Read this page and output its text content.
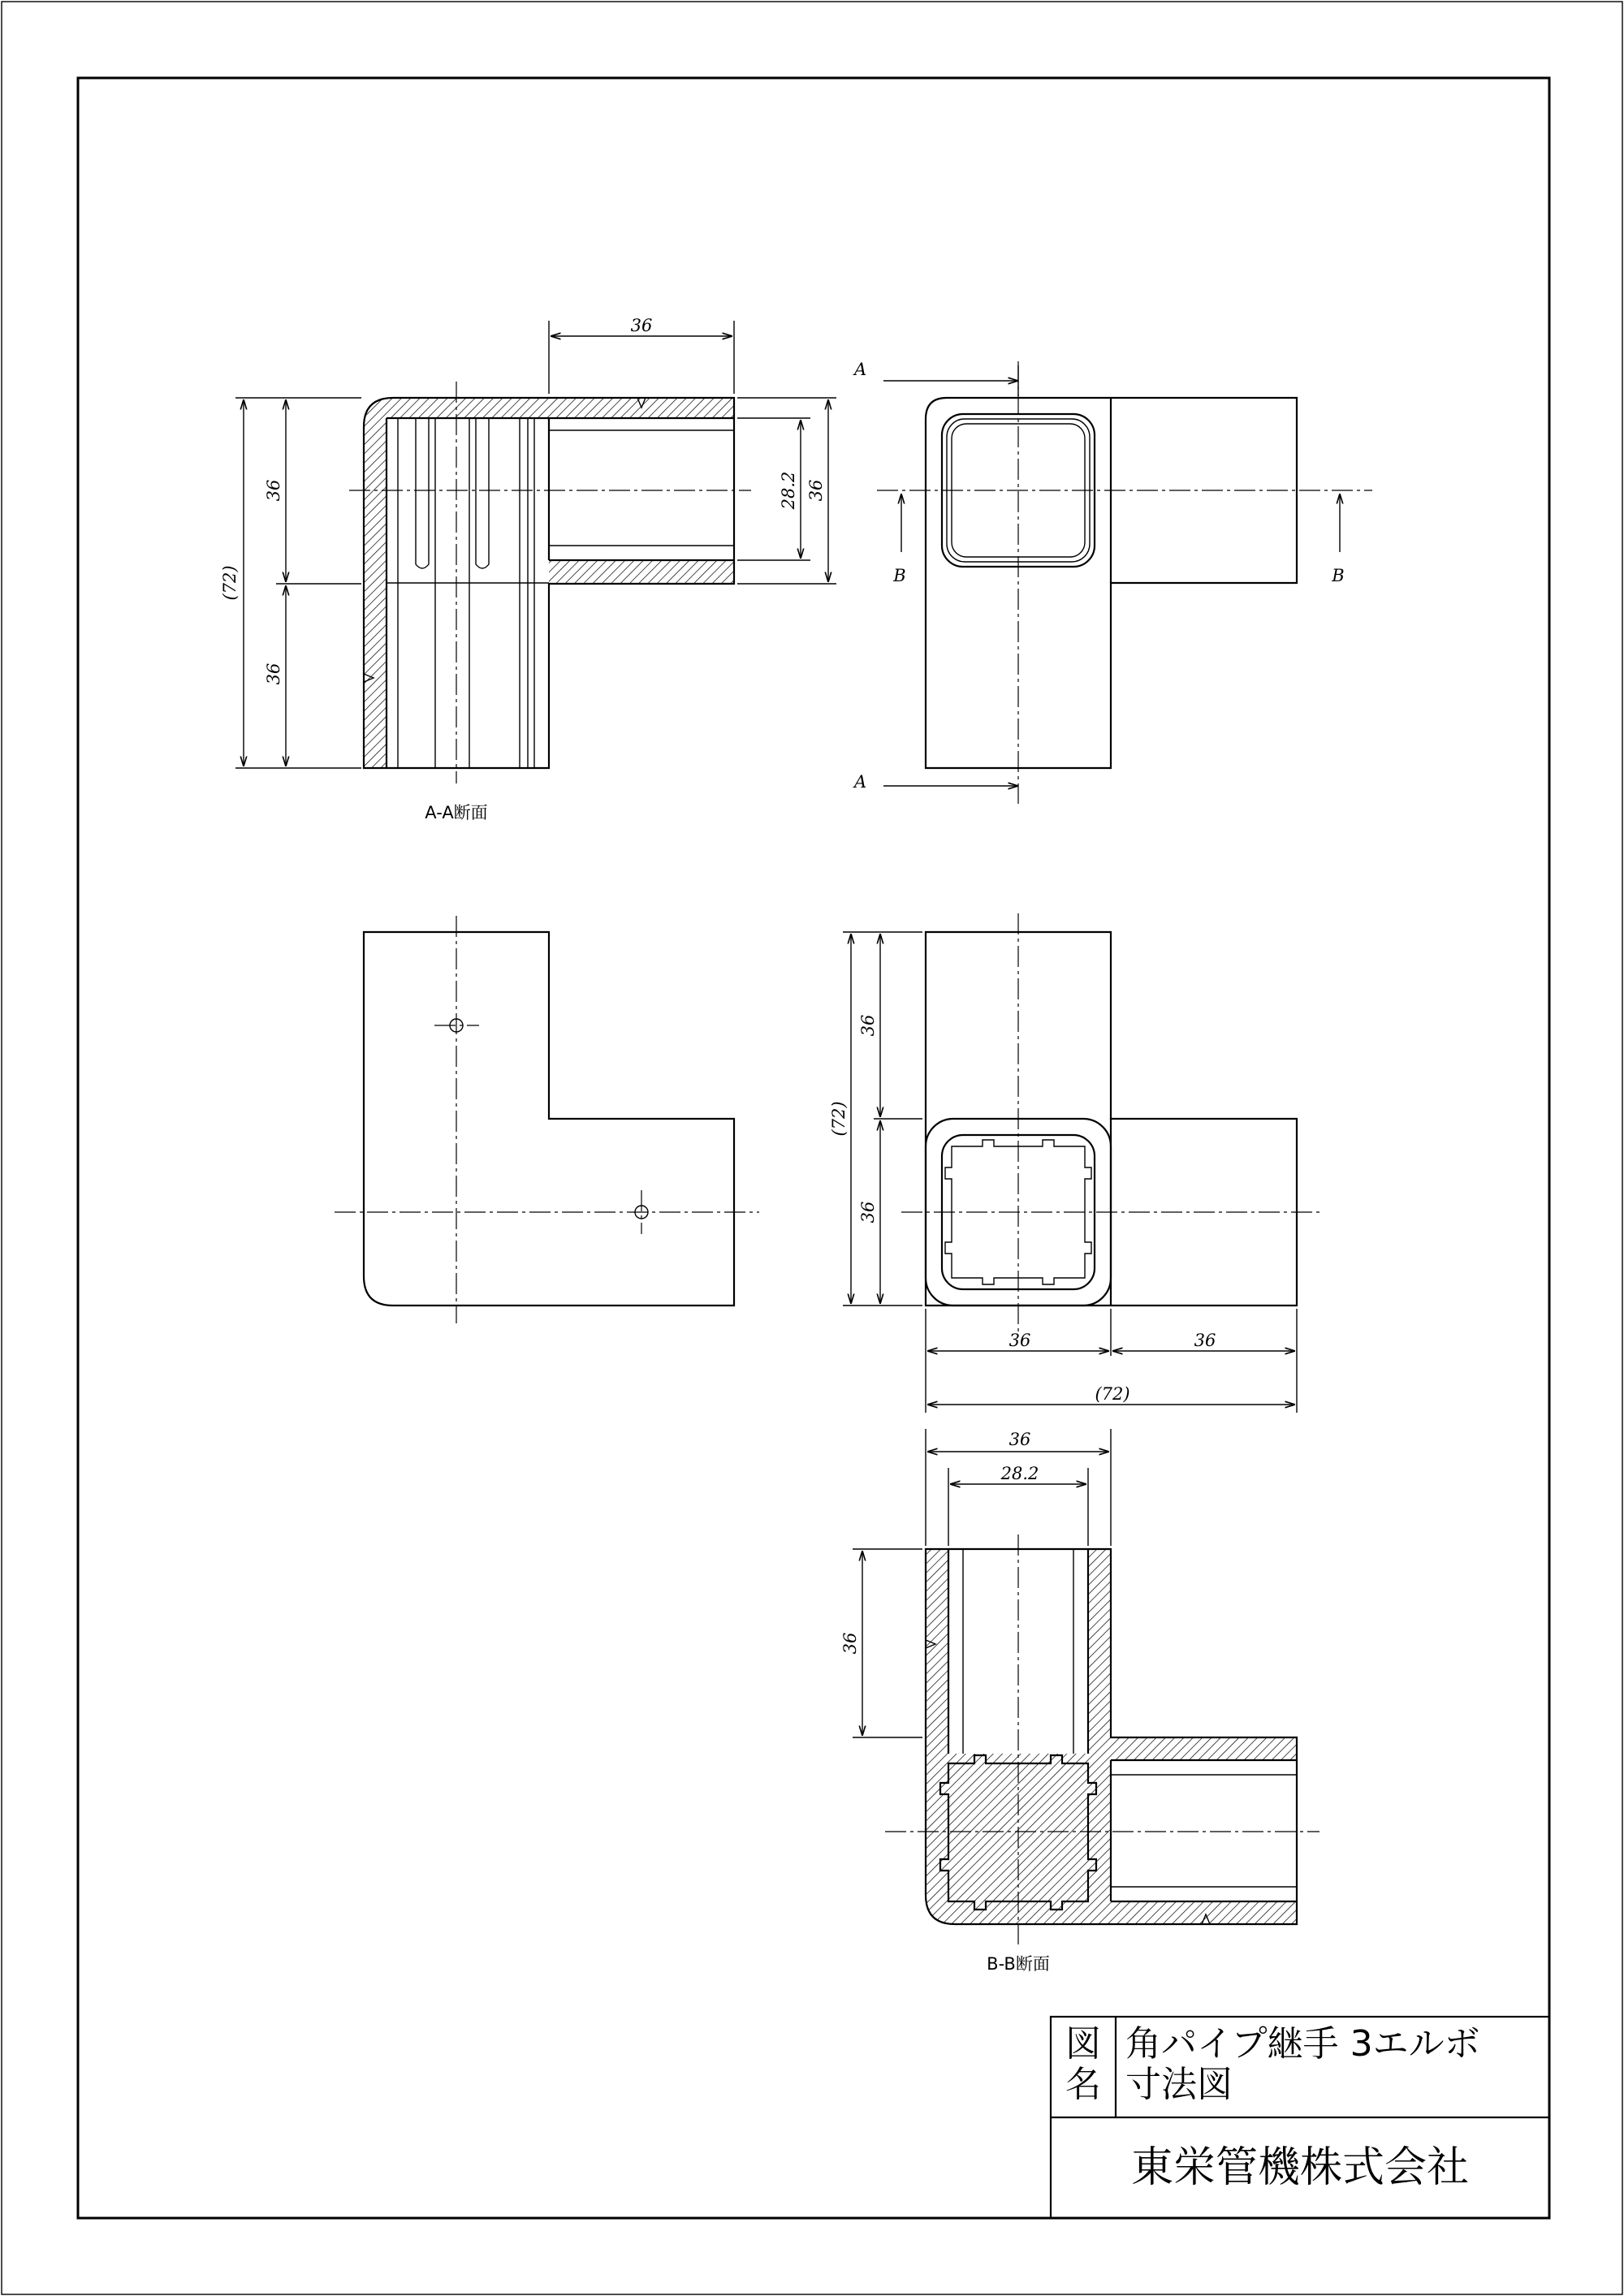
36
(72)
36
36
28.2 36
A-A断面
A
A
B	B
(72)
36
36
36	36
(72)
36
28.2
36
B-B断面
図
名
角パイプ継手 3エルボ
寸法図
東栄管機株式会社
